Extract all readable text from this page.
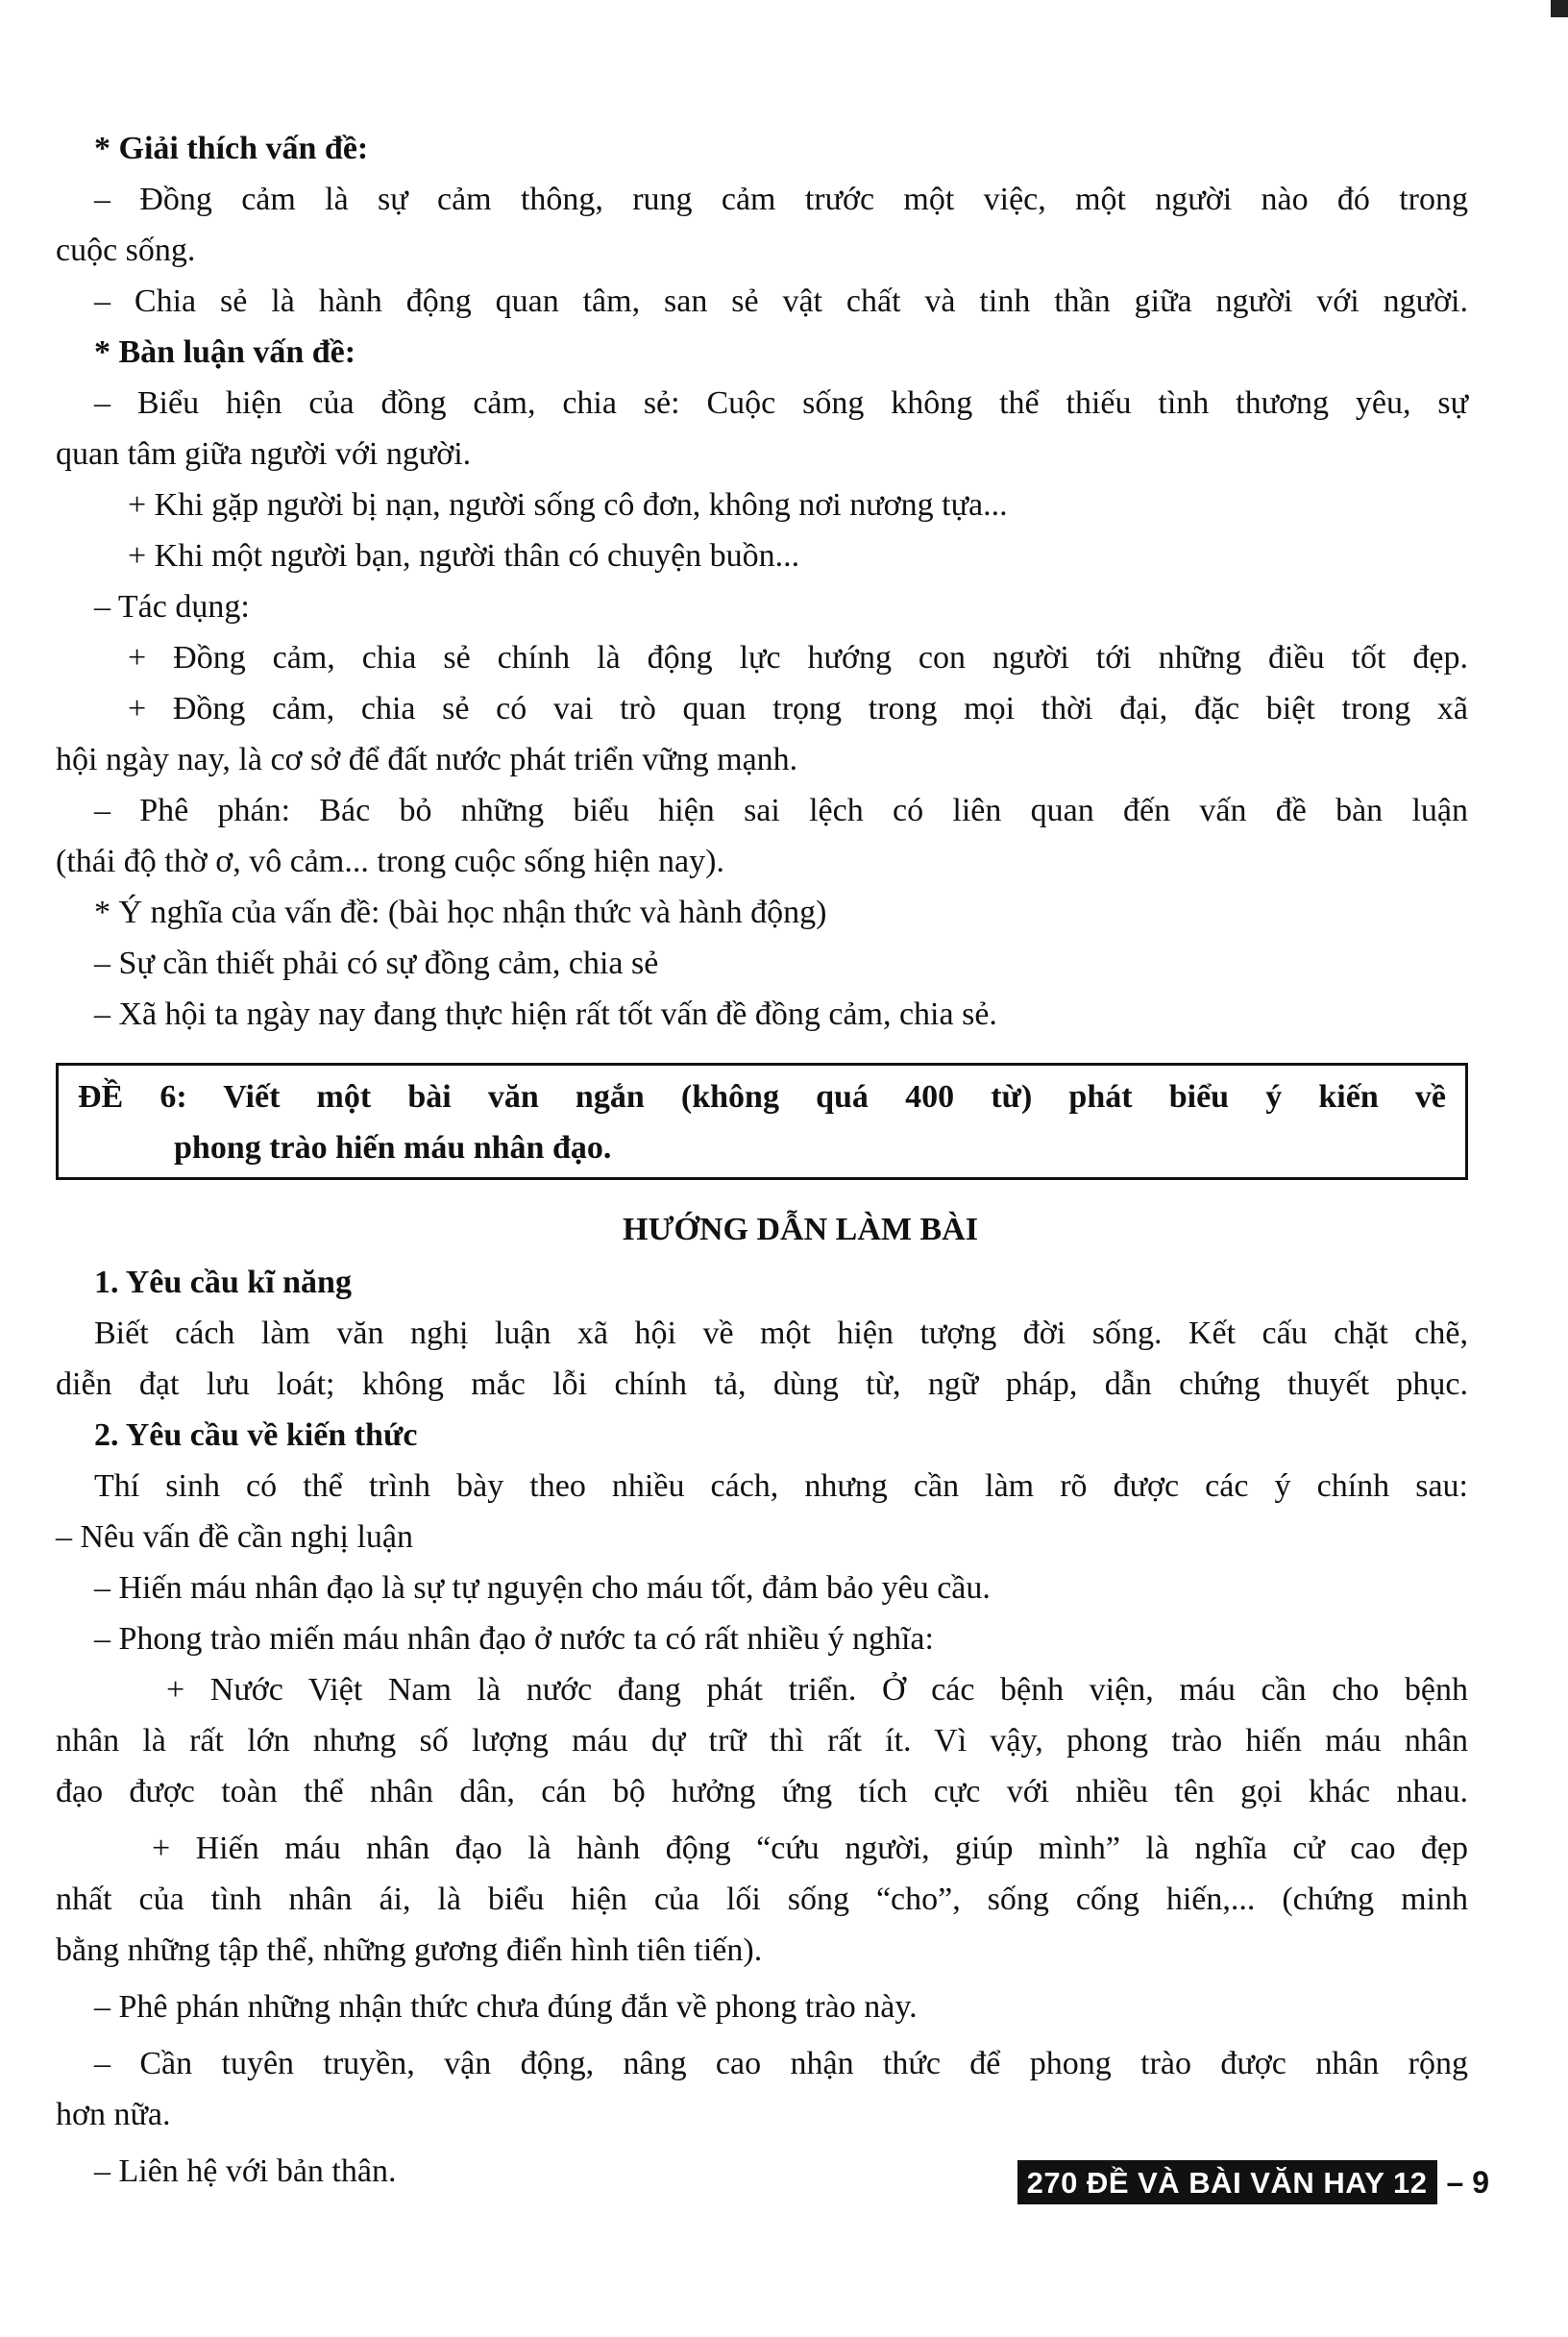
* Giải thích vấn đề:
– Đồng cảm là sự cảm thông, rung cảm trước một việc, một người nào đó trong
cuộc sống.
– Chia sẻ là hành động quan tâm, san sẻ vật chất và tinh thần giữa người với người.
* Bàn luận vấn đề:
– Biểu hiện của đồng cảm, chia sẻ: Cuộc sống không thể thiếu tình thương yêu, sự
quan tâm giữa người với người.
+ Khi gặp người bị nạn, người sống cô đơn, không nơi nương tựa...
+ Khi một người bạn, người thân có chuyện buồn...
– Tác dụng:
+ Đồng cảm, chia sẻ chính là động lực hướng con người tới những điều tốt đẹp.
+ Đồng cảm, chia sẻ có vai trò quan trọng trong mọi thời đại, đặc biệt trong xã
hội ngày nay, là cơ sở để đất nước phát triển vững mạnh.
– Phê phán: Bác bỏ những biểu hiện sai lệch có liên quan đến vấn đề bàn luận
(thái độ thờ ơ, vô cảm... trong cuộc sống hiện nay).
* Ý nghĩa của vấn đề: (bài học nhận thức và hành động)
– Sự cần thiết phải có sự đồng cảm, chia sẻ
– Xã hội ta ngày nay đang thực hiện rất tốt vấn đề đồng cảm, chia sẻ.
ĐỀ 6: Viết một bài văn ngắn (không quá 400 từ) phát biểu ý kiến về
phong trào hiến máu nhân đạo.
HƯỚNG DẪN LÀM BÀI
1. Yêu cầu kĩ năng
Biết cách làm văn nghị luận xã hội về một hiện tượng đời sống. Kết cấu chặt chẽ,
diễn đạt lưu loát; không mắc lỗi chính tả, dùng từ, ngữ pháp, dẫn chứng thuyết phục.
2. Yêu cầu về kiến thức
Thí sinh có thể trình bày theo nhiều cách, nhưng cần làm rõ được các ý chính sau:
– Nêu vấn đề cần nghị luận
– Hiến máu nhân đạo là sự tự nguyện cho máu tốt, đảm bảo yêu cầu.
– Phong trào miến máu nhân đạo ở nước ta có rất nhiều ý nghĩa:
+ Nước Việt Nam là nước đang phát triển. Ở các bệnh viện, máu cần cho bệnh
nhân là rất lớn nhưng số lượng máu dự trữ thì rất ít. Vì vậy, phong trào hiến máu nhân
đạo được toàn thể nhân dân, cán bộ hưởng ứng tích cực với nhiều tên gọi khác nhau.
+ Hiến máu nhân đạo là hành động “cứu người, giúp mình” là nghĩa cử cao đẹp
nhất của tình nhân ái, là biểu hiện của lối sống “cho”, sống cống hiến,... (chứng minh
bằng những tập thể, những gương điển hình tiên tiến).
– Phê phán những nhận thức chưa đúng đắn về phong trào này.
– Cần tuyên truyền, vận động, nâng cao nhận thức để phong trào được nhân rộng
hơn nữa.
– Liên hệ với bản thân.	270 ĐỀ VÀ BÀI VĂN HAY 12 – 9
